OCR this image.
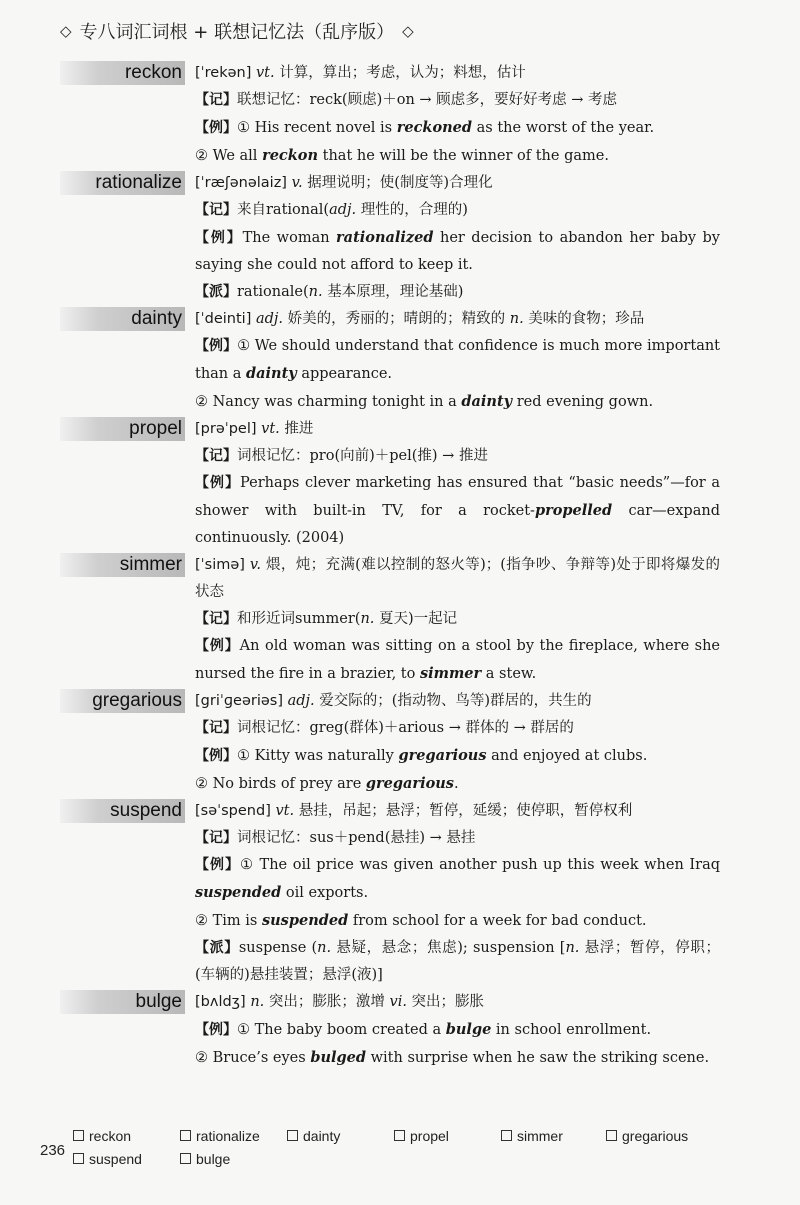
◇ 专八词汇词根 + 联想记忆法（乱序版） ◇
reckon [ˈrekən] vt. 计算，算出；考虑，认为；料想，估计
【记】联想记忆：reck(顾虑)＋on → 顾虑多，要好好考虑 → 考虑
【例】① His recent novel is reckoned as the worst of the year.
② We all reckon that he will be the winner of the game.
rationalize [ˈræʃənəlaiz] v. 据理说明；使(制度等)合理化
【记】来自rational(adj. 理性的，合理的)
【例】The woman rationalized her decision to abandon her baby by saying she could not afford to keep it.
【派】rationale(n. 基本原理，理论基础)
dainty [ˈdeinti] adj. 娇美的，秀丽的；晴朗的；精致的 n. 美味的食物；珍品
【例】① We should understand that confidence is much more important than a dainty appearance.
② Nancy was charming tonight in a dainty red evening gown.
propel [prəˈpel] vt. 推进
【记】词根记忆：pro(向前)＋pel(推) → 推进
【例】Perhaps clever marketing has ensured that “basic needs”—for a shower with built-in TV, for a rocket-propelled car—expand continuously. (2004)
simmer [ˈsimə] v. 煨，炖；充满(难以控制的怒火等)；(指争吵、争辩等)处于即将爆发的状态
【记】和形近词summer(n. 夏天)一起记
【例】An old woman was sitting on a stool by the fireplace, where she nursed the fire in a brazier, to simmer a stew.
gregarious [griˈɡeəriəs] adj. 爱交际的；(指动物、鸟等)群居的，共生的
【记】词根记忆：greg(群体)＋arious → 群体的 → 群居的
【例】① Kitty was naturally gregarious and enjoyed at clubs.
② No birds of prey are gregarious.
suspend [səˈspend] vt. 悬挂，吊起；悬浮；暂停，延缓；使停职，暂停权利
【记】词根记忆：sus＋pend(悬挂) → 悬挂
【例】① The oil price was given another push up this week when Iraq suspended oil exports.
② Tim is suspended from school for a week for bad conduct.
【派】suspense (n. 悬疑，悬念；焦虑); suspension [n. 悬浮；暂停，停职；(车辆的)悬挂装置；悬浮(液)]
bulge [bʌldʒ] n. 突出；膨胀；激增 vi. 突出；膨胀
【例】① The baby boom created a bulge in school enrollment.
② Bruce’s eyes bulged with surprise when he saw the striking scene.
236
reckon	rationalize	dainty	propel	simmer	gregarious
suspend	bulge
